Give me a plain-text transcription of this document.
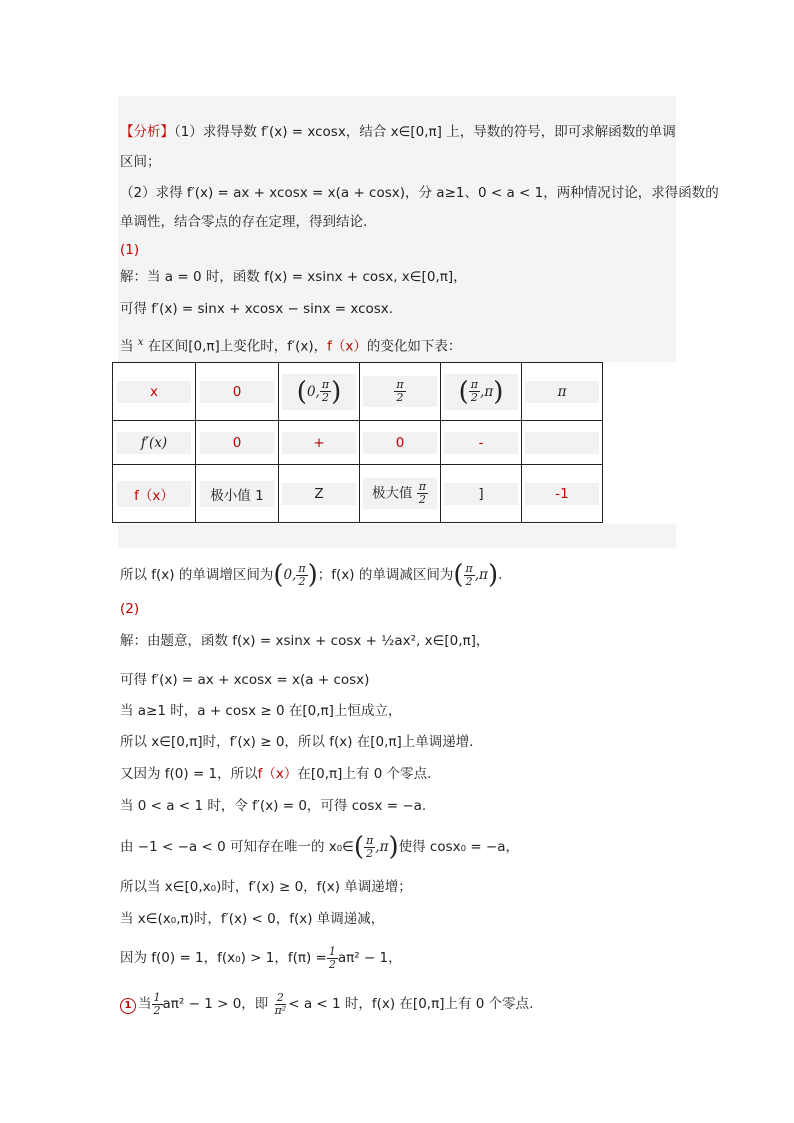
【分析】（1）求得导数 f′(x) = xcosx，结合 x∈[0,π] 上，导数的符号，即可求解函数的单调
区间；
（2）求得 f′(x) = ax + xcosx = x(a + cosx)，分 a≥1、0 < a < 1，两种情况讨论，求得函数的
单调性，结合零点的存在定理，得到结论.
(1)
解：当 a = 0 时，函数 f(x) = xsinx + cosx, x∈[0,π]，
可得 f′(x) = sinx + xcosx − sinx = xcosx.
当 $^x$ 在区间[0,π]上变化时，f′(x)，f（x）的变化如下表：
x	0	(0, $\frac{\pi}{2}$ )	$\frac{\pi}{2}$	( $\frac{\pi}{2} ,\pi$)	π
f′(x)	0	+	0	-	
f（x）	极小值 1	Z	极大值 $\frac{\pi}{2}$	]	-1
所以 f(x) 的单调增区间为(0, $\frac{\pi}{2}$ )；f(x) 的单调减区间为( $\frac{\pi}{2} ,\pi$).
(2)
解：由题意，函数 f(x) = xsinx + cosx + ½ax², x∈[0,π]，
可得 f′(x) = ax + xcosx = x(a + cosx)
当 a≥1 时，a + cosx ≥ 0 在[0,π]上恒成立，
所以 x∈[0,π]时，f′(x) ≥ 0，所以 f(x) 在[0,π]上单调递增.
又因为 f(0) = 1，所以f（x）在[0,π]上有 0 个零点.
当 0 < a < 1 时，令 f′(x) = 0，可得 cosx = −a.
由 −1 < −a < 0 可知存在唯一的 x₀∈( $\frac{\pi}{2} ,\pi$)使得 cosx₀ = −a，
所以当 x∈[0,x₀)时，f′(x) ≥ 0，f(x) 单调递增；
当 x∈(x₀,π)时，f′(x) < 0，f(x) 单调递减，
因为 f(0) = 1，f(x₀) > 1，$f(\pi) = \frac{1}{2} a\pi^2 - 1$，
1 当 $\frac{1}{2} a\pi^2 - 1 > 0$，即 $\frac{2}{\text{π²}} < a < 1$ 时，f(x) 在[0,π]上有 0 个零点.
